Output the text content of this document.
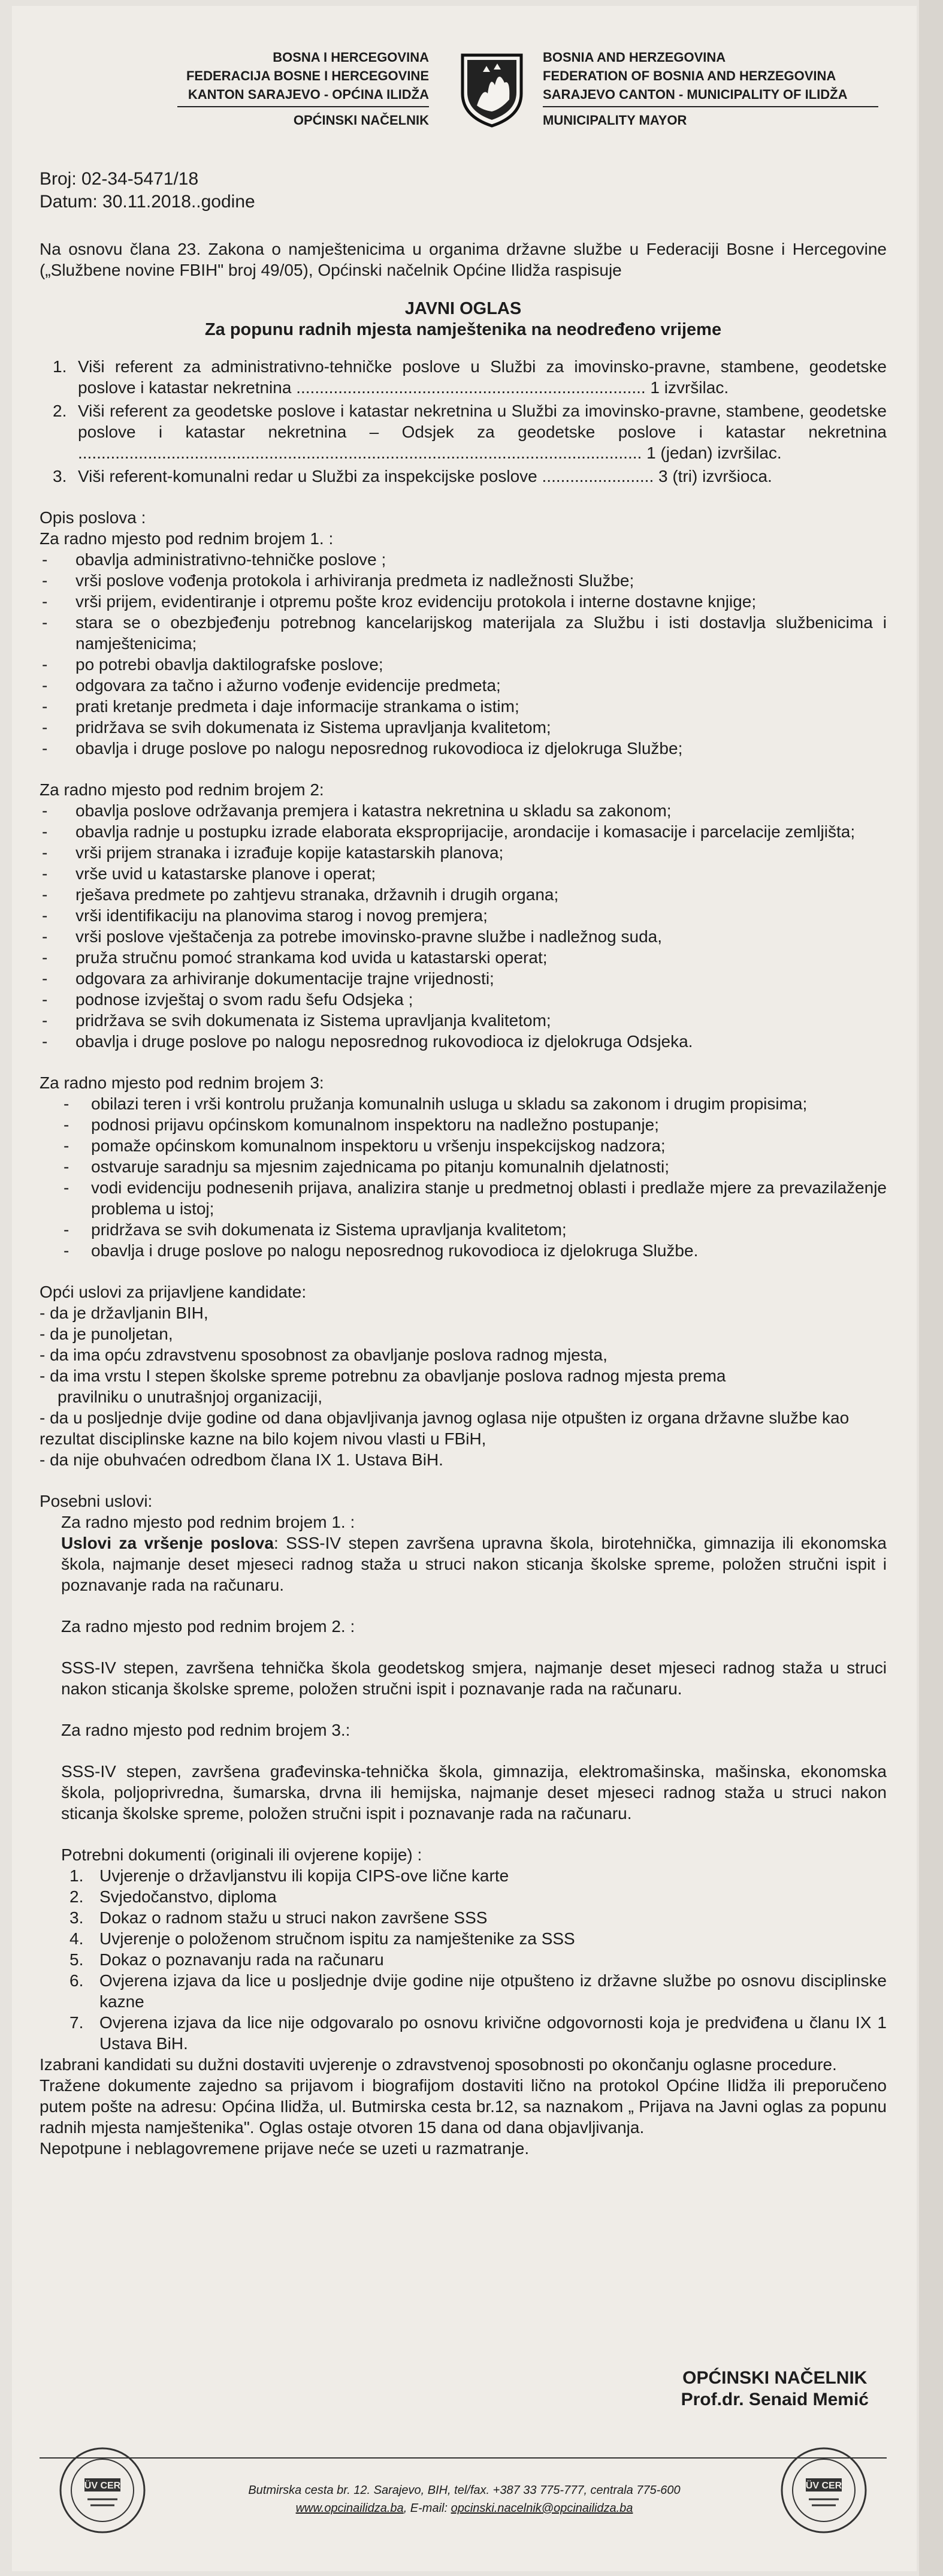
BOSNA I HERCEGOVINA
FEDERACIJA BOSNE I HERCEGOVINE
KANTON SARAJEVO - OPĆINA ILIDŽA
OPĆINSKI NAČELNIK
BOSNIA AND HERZEGOVINA
FEDERATION OF BOSNIA AND HERZEGOVINA
SARAJEVO CANTON - MUNICIPALITY OF ILIDŽA
MUNICIPALITY MAYOR
Broj: 02-34-5471/18
Datum: 30.11.2018..godine
Na osnovu člana 23. Zakona o namještenicima u organima državne službe u Federaciji Bosne i Hercegovine („Službene novine FBIH" broj 49/05), Općinski načelnik Općine Ilidža raspisuje
JAVNI OGLAS
Za popunu radnih mjesta namještenika na neodređeno vrijeme
1. Viši referent za administrativno-tehničke poslove u Službi za imovinsko-pravne, stambene, geodetske poslove i katastar nekretnina ........................................................................... 1 izvršilac.
2. Viši referent za geodetske poslove i katastar nekretnina u Službi za imovinsko-pravne, stambene, geodetske poslove i katastar nekretnina – Odsjek za geodetske poslove i katastar nekretnina ......................................................................................................................... 1 (jedan) izvršilac.
3. Viši referent-komunalni redar u Službi za inspekcijske poslove ........................ 3 (tri) izvršioca.
Opis poslova :
Za radno mjesto pod rednim brojem 1. :
- obavlja administrativno-tehničke poslove ;
- vrši poslove vođenja protokola i arhiviranja predmeta iz nadležnosti Službe;
- vrši prijem, evidentiranje i otpremu pošte kroz evidenciju protokola i interne dostavne knjige;
- stara se o obezbjeđenju potrebnog kancelarijskog materijala za Službu i isti dostavlja službenicima i namještenicima;
- po potrebi obavlja daktilografske poslove;
- odgovara za tačno i ažurno vođenje evidencije predmeta;
- prati kretanje predmeta i daje informacije strankama o istim;
- pridržava se svih dokumenata iz Sistema upravljanja kvalitetom;
- obavlja i druge poslove po nalogu neposrednog rukovodioca iz djelokruga Službe;
Za radno mjesto pod rednim brojem 2:
- obavlja poslove održavanja premjera i katastra nekretnina u skladu sa zakonom;
- obavlja radnje u postupku izrade elaborata eksproprijacije, arondacije i komasacije i parcelacije zemljišta;
- vrši prijem stranaka i izrađuje kopije katastarskih planova;
- vrše uvid u katastarske planove i operat;
- rješava predmete po zahtjevu stranaka, državnih i drugih organa;
- vrši identifikaciju na planovima starog i novog premjera;
- vrši poslove vještačenja za potrebe imovinsko-pravne službe i nadležnog suda,
- pruža stručnu pomoć strankama kod uvida u katastarski operat;
- odgovara za arhiviranje dokumentacije trajne vrijednosti;
- podnose izvještaj o svom radu šefu Odsjeka ;
- pridržava se svih dokumenata iz Sistema upravljanja kvalitetom;
- obavlja i druge poslove po nalogu neposrednog rukovodioca iz djelokruga Odsjeka.
Za radno mjesto pod rednim brojem 3:
- obilazi teren i vrši kontrolu pružanja komunalnih usluga u skladu sa zakonom i drugim propisima;
- podnosi prijavu općinskom komunalnom inspektoru na nadležno postupanje;
- pomaže općinskom komunalnom inspektoru u vršenju inspekcijskog nadzora;
- ostvaruje saradnju sa mjesnim zajednicama po pitanju komunalnih djelatnosti;
- vodi evidenciju podnesenih prijava, analizira stanje u predmetnoj oblasti i predlaže mjere za prevazilaženje problema u istoj;
- pridržava se svih dokumenata iz Sistema upravljanja kvalitetom;
- obavlja i druge poslove po nalogu neposrednog rukovodioca iz djelokruga Službe.
Opći uslovi za prijavljene kandidate:
- da je državljanin BIH,
- da je punoljetan,
- da ima opću zdravstvenu sposobnost za obavljanje poslova radnog mjesta,
- da ima vrstu I stepen školske spreme potrebnu za obavljanje poslova radnog mjesta prema
pravilniku o unutrašnjoj organizaciji,
- da u posljednje dvije godine od dana objavljivanja javnog oglasa nije otpušten iz organa državne službe kao rezultat disciplinske kazne na bilo kojem nivou vlasti u FBiH,
- da nije obuhvaćen odredbom člana IX 1. Ustava BiH.
Posebni uslovi:
Za radno mjesto pod rednim brojem 1. :
Uslovi za vršenje poslova: SSS-IV stepen završena upravna škola, birotehnička, gimnazija ili ekonomska škola, najmanje deset mjeseci radnog staža u struci nakon sticanja školske spreme, položen stručni ispit i poznavanje rada na računaru.
Za radno mjesto pod rednim brojem 2. :
SSS-IV stepen, završena tehnička škola geodetskog smjera, najmanje deset mjeseci radnog staža u struci nakon sticanja školske spreme, položen stručni ispit i poznavanje rada na računaru.
Za radno mjesto pod rednim brojem 3.:
SSS-IV stepen, završena građevinska-tehnička škola, gimnazija, elektromašinska, mašinska, ekonomska škola, poljoprivredna, šumarska, drvna ili hemijska, najmanje deset mjeseci radnog staža u struci nakon sticanja školske spreme, položen stručni ispit i poznavanje rada na računaru.
Potrebni dokumenti (originali ili ovjerene kopije) :
1. Uvjerenje o državljanstvu ili kopija CIPS-ove lične karte
2. Svjedočanstvo, diploma
3. Dokaz o radnom stažu u struci nakon završene SSS
4. Uvjerenje o položenom stručnom ispitu za namještenike za SSS
5. Dokaz o poznavanju rada na računaru
6. Ovjerena izjava da lice u posljednje dvije godine nije otpušteno iz državne službe po osnovu disciplinske kazne
7. Ovjerena izjava da lice nije odgovaralo po osnovu krivične odgovornosti koja je predviđena u članu IX 1 Ustava BiH.
Izabrani kandidati su dužni dostaviti uvjerenje o zdravstvenoj sposobnosti po okončanju oglasne procedure.
Tražene dokumente zajedno sa prijavom i biografijom dostaviti lično na protokol Općine Ilidža ili preporučeno putem pošte na adresu: Općina Ilidža, ul. Butmirska cesta br.12, sa naznakom „ Prijava na Javni oglas za popunu radnih mjesta namještenika". Oglas ostaje otvoren 15 dana od dana objavljivanja.
Nepotpune i neblagovremene prijave neće se uzeti u razmatranje.
OPĆINSKI NAČELNIK
Prof.dr. Senaid Memić
TÜV CERT	TÜV CERT
Butmirska cesta br. 12. Sarajevo, BIH, tel/fax. +387 33 775-777, centrala 775-600
www.opcinailidza.ba, E-mail: opcinski.nacelnik@opcinailidza.ba
